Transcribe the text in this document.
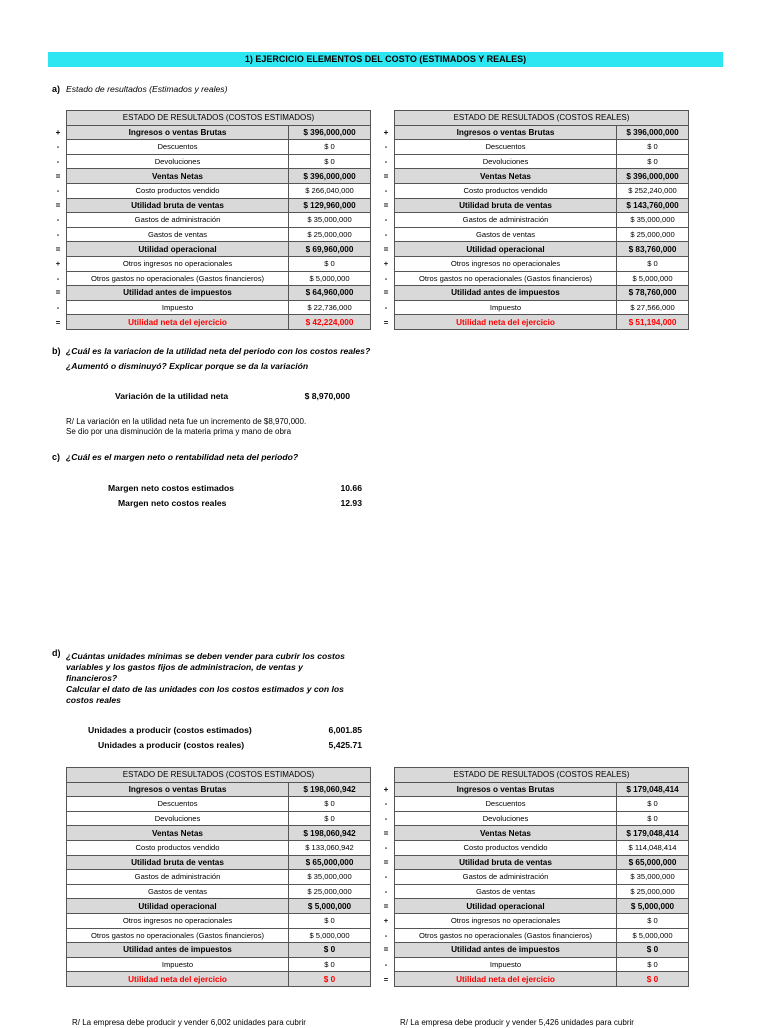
1) EJERCICIO ELEMENTOS DEL COSTO (ESTIMADOS Y REALES)
a) Estado de resultados (Estimados y reales)
	ESTADO DE RESULTADOS (COSTOS ESTIMADOS)	
+	Ingresos o ventas Brutas	$ 396,000,000
-	Descuentos	$ 0
-	Devoluciones	$ 0
=	Ventas Netas	$ 396,000,000
-	Costo productos vendido	$ 266,040,000
=	Utilidad bruta de ventas	$ 129,960,000
-	Gastos de administración	$ 35,000,000
-	Gastos de ventas	$ 25,000,000
=	Utilidad operacional	$ 69,960,000
+	Otros ingresos no operacionales	$ 0
-	Otros gastos no operacionales (Gastos financieros)	$ 5,000,000
=	Utilidad antes de impuestos	$ 64,960,000
-	Impuesto	$ 22,736,000
=	Utilidad neta del ejercicio	$ 42,224,000
	ESTADO DE RESULTADOS (COSTOS REALES)	
+	Ingresos o ventas Brutas	$ 396,000,000
-	Descuentos	$ 0
-	Devoluciones	$ 0
=	Ventas Netas	$ 396,000,000
-	Costo productos vendido	$ 252,240,000
=	Utilidad bruta de ventas	$ 143,760,000
-	Gastos de administración	$ 35,000,000
-	Gastos de ventas	$ 25,000,000
=	Utilidad operacional	$ 83,760,000
+	Otros ingresos no operacionales	$ 0
-	Otros gastos no operacionales (Gastos financieros)	$ 5,000,000
=	Utilidad antes de impuestos	$ 78,760,000
-	Impuesto	$ 27,566,000
=	Utilidad neta del ejercicio	$ 51,194,000
b) ¿Cuál es la variacion de la utilidad neta del periodo con los costos reales?
¿Aumentó o disminuyó? Explicar porque se da la variación
Variación de la utilidad neta	$ 8,970,000
R/ La variación en la utilidad neta fue un incremento de $8,970,000.
Se dio por una disminución de la materia prima y mano de obra
c) ¿Cuál es el margen neto o rentabilidad neta del período?
Margen neto costos estimados	10.66
Margen neto costos reales	12.93
d) ¿Cuántas unidades mínimas se deben vender para cubrir los costos
variables y los gastos fijos de administracion, de ventas y
financieros?
Calcular el dato de las unidades con los costos estimados y con los
costos reales
Unidades a producir (costos estimados)	6,001.85
Unidades a producir (costos reales)	5,425.71
	ESTADO DE RESULTADOS (COSTOS ESTIMADOS)	
	Ingresos o ventas Brutas	$ 198,060,942
	Descuentos	$ 0
	Devoluciones	$ 0
	Ventas Netas	$ 198,060,942
	Costo productos vendido	$ 133,060,942
	Utilidad bruta de ventas	$ 65,000,000
	Gastos de administración	$ 35,000,000
	Gastos de ventas	$ 25,000,000
	Utilidad operacional	$ 5,000,000
	Otros ingresos no operacionales	$ 0
	Otros gastos no operacionales (Gastos financieros)	$ 5,000,000
	Utilidad antes de impuestos	$ 0
	Impuesto	$ 0
	Utilidad neta del ejercicio	$ 0
	ESTADO DE RESULTADOS (COSTOS REALES)	
+	Ingresos o ventas Brutas	$ 179,048,414
-	Descuentos	$ 0
-	Devoluciones	$ 0
=	Ventas Netas	$ 179,048,414
-	Costo productos vendido	$ 114,048,414
=	Utilidad bruta de ventas	$ 65,000,000
-	Gastos de administración	$ 35,000,000
-	Gastos de ventas	$ 25,000,000
=	Utilidad operacional	$ 5,000,000
+	Otros ingresos no operacionales	$ 0
-	Otros gastos no operacionales (Gastos financieros)	$ 5,000,000
=	Utilidad antes de impuestos	$ 0
-	Impuesto	$ 0
=	Utilidad neta del ejercicio	$ 0
R/ La empresa debe producir y vender 6,002 unidades para cubrir	R/ La empresa debe producir y vender 5,426 unidades para cubrir
